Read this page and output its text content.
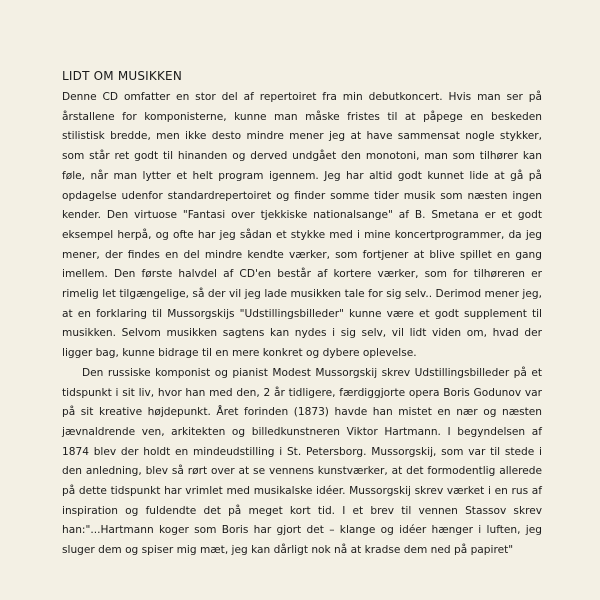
LIDT OM MUSIKKEN

Denne CD omfatter en stor del af repertoiret fra min debutkoncert. Hvis man ser på årstallene for komponisterne, kunne man måske fristes til at påpege en beskeden stilistisk bredde, men ikke desto mindre mener jeg at have sammensat nogle stykker, som står ret godt til hinanden og derved undgået den monotoni, man som tilhører kan føle, når man lytter et helt program igennem. Jeg har altid godt kunnet lide at gå på opdagelse udenfor standardrepertoiret og finder somme tider musik som næsten ingen kender. Den virtuose "Fantasi over tjekkiske nationalsange" af B. Smetana er et godt eksempel herpå, og ofte har jeg sådan et stykke med i mine koncertprogrammer, da jeg mener, der findes en del mindre kendte værker, som fortjener at blive spillet en gang imellem. Den første halvdel af CD'en består af kortere værker, som for tilhøreren er rimelig let tilgængelige, så der vil jeg lade musikken tale for sig selv.. Derimod mener jeg, at en forklaring til Mussorgskijs "Udstillingsbilleder" kunne være et godt supplement til musikken. Selvom musikken sagtens kan nydes i sig selv, vil lidt viden om, hvad der ligger bag, kunne bidrage til en mere konkret og dybere oplevelse.

Den russiske komponist og pianist Modest Mussorgskij skrev Udstillingsbilleder på et tidspunkt i sit liv, hvor han med den, 2 år tidligere, færdiggjorte opera Boris Godunov var på sit kreative højdepunkt. Året forinden (1873) havde han mistet en nær og næsten jævnaldrende ven, arkitekten og billedkunstneren Viktor Hartmann. I begyndelsen af 1874 blev der holdt en mindeudstilling i St. Petersborg. Mussorgskij, som var til stede i den anledning, blev så rørt over at se vennens kunstværker, at det formodentlig allerede på dette tidspunkt har vrimlet med musikalske idéer. Mussorgskij skrev værket i en rus af inspiration og fuldendte det på meget kort tid. I et brev til vennen Stassov skrev han:"...Hartmann koger som Boris har gjort det – klange og idéer hænger i luften, jeg sluger dem og spiser mig mæt, jeg kan dårligt nok nå at kradse dem ned på papiret"
